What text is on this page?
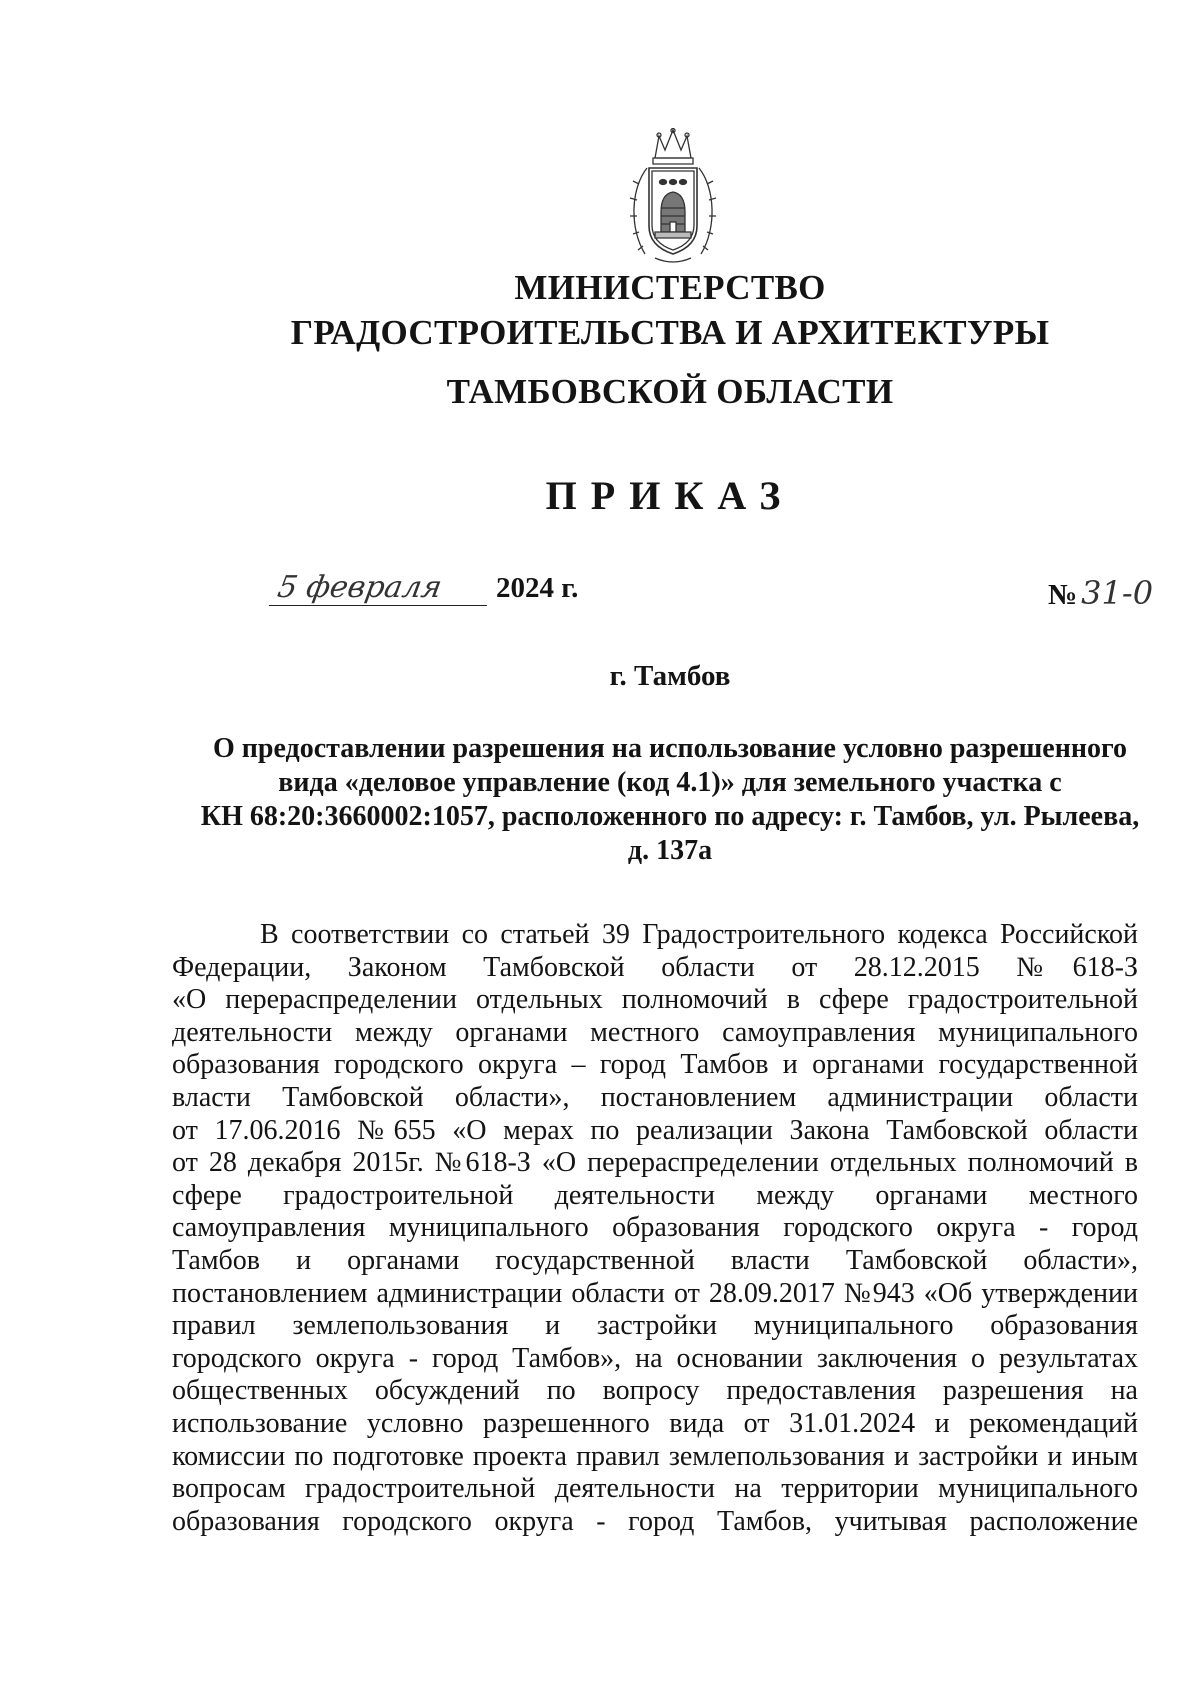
МИНИСТЕРСТВО
ГРАДОСТРОИТЕЛЬСТВА И АРХИТЕКТУРЫ
ТАМБОВСКОЙ ОБЛАСТИ
ПРИКАЗ
5 февраля 2024 г.	№ 31-0
г. Тамбов
О предоставлении разрешения на использование условно разрешенного
вида «деловое управление (код 4.1)» для земельного участка с
КН 68:20:3660002:1057, расположенного по адресу: г. Тамбов, ул. Рылеева,
д. 137а
В соответствии со статьей 39 Градостроительного кодекса Российской
Федерации, Законом Тамбовской области от 28.12.2015 №618-З
«О перераспределении отдельных полномочий в сфере градостроительной
деятельности между органами местного самоуправления муниципального
образования городского округа – город Тамбов и органами государственной
власти Тамбовской области», постановлением администрации области
от 17.06.2016 №655 «О мерах по реализации Закона Тамбовской области
от 28 декабря 2015г. №618-З «О перераспределении отдельных полномочий в
сфере градостроительной деятельности между органами местного
самоуправления муниципального образования городского округа - город
Тамбов и органами государственной власти Тамбовской области»,
постановлением администрации области от 28.09.2017 №943 «Об утверждении
правил землепользования и застройки муниципального образования
городского округа - город Тамбов», на основании заключения о результатах
общественных обсуждений по вопросу предоставления разрешения на
использование условно разрешенного вида от 31.01.2024 и рекомендаций
комиссии по подготовке проекта правил землепользования и застройки и иным
вопросам градостроительной деятельности на территории муниципального
образования городского округа - город Тамбов, учитывая расположение
